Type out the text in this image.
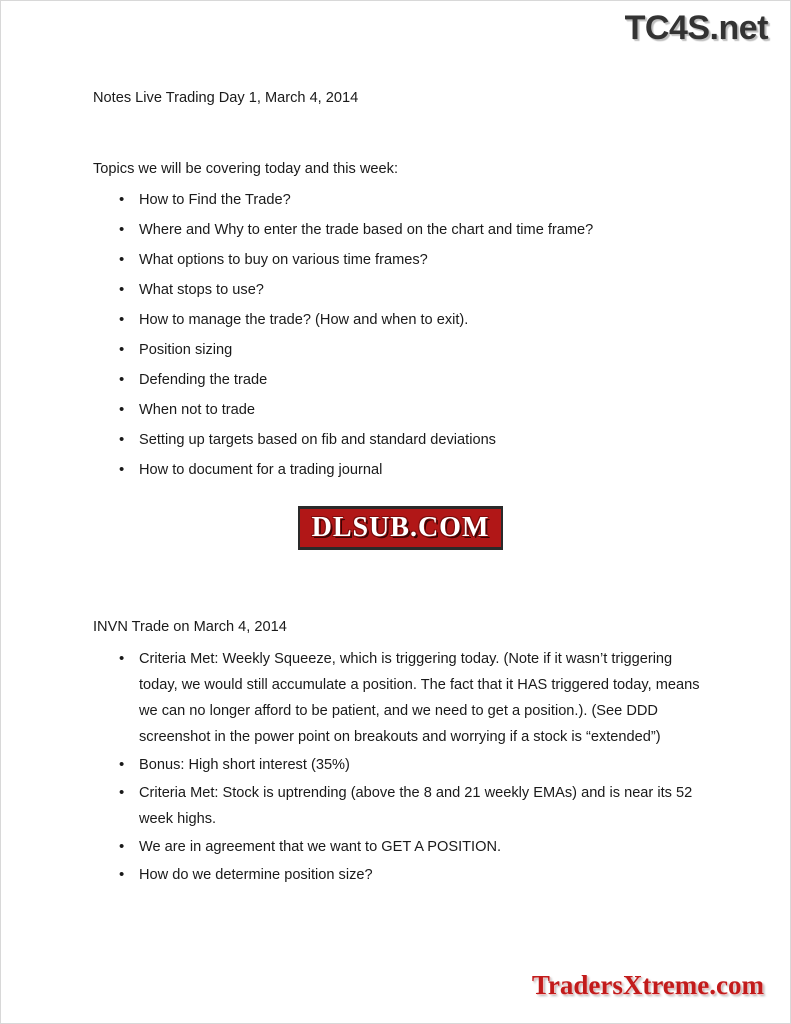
TC4S.net

Notes Live Trading Day 1, March 4, 2014

Topics we will be covering today and this week:

• How to Find the Trade?
• Where and Why to enter the trade based on the chart and time frame?
• What options to buy on various time frames?
• What stops to use?
• How to manage the trade? (How and when to exit).
• Position sizing
• Defending the trade
• When not to trade
• Setting up targets based on fib and standard deviations
• How to document for a trading journal
DLSUB.COM

INVN Trade on March 4, 2014

• Criteria Met: Weekly Squeeze, which is triggering today. (Note if it wasn’t triggering today, we would still accumulate a position. The fact that it HAS triggered today, means we can no longer afford to be patient, and we need to get a position.). (See DDD screenshot in the power point on breakouts and worrying if a stock is “extended”)
• Bonus: High short interest (35%)
• Criteria Met: Stock is uptrending (above the 8 and 21 weekly EMAs) and is near its 52 week highs.
• We are in agreement that we want to GET A POSITION.
• How do we determine position size?
TradersXtreme.com
